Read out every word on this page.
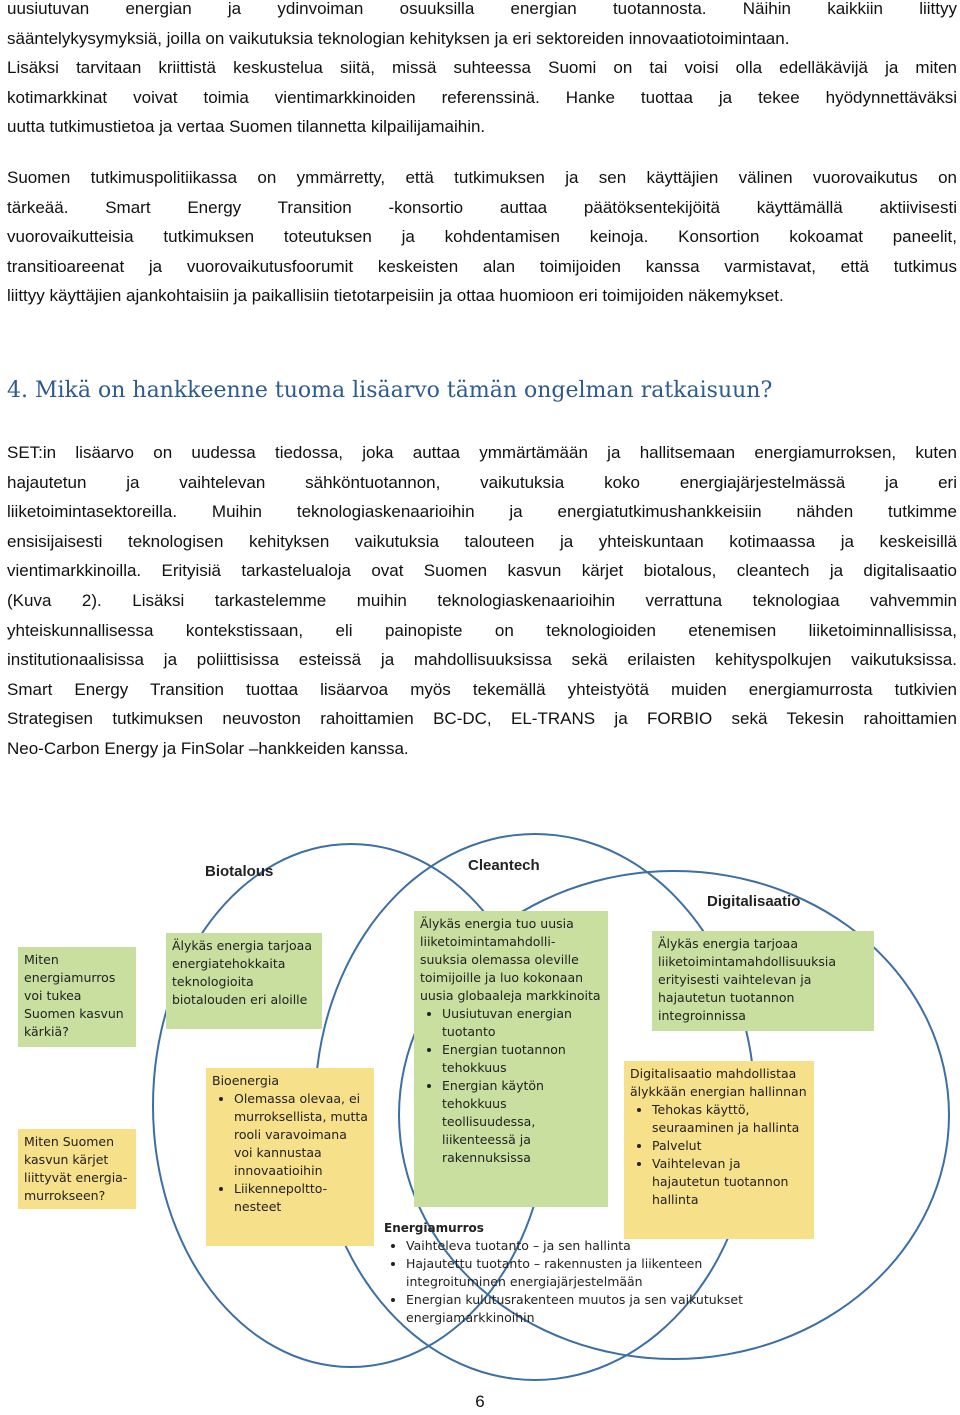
uusiutuvan energian ja ydinvoiman osuuksilla energian tuotannosta. Näihin kaikkiin liittyy
sääntelykysymyksiä, joilla on vaikutuksia teknologian kehityksen ja eri sektoreiden innovaatiotoimintaan.
Lisäksi tarvitaan kriittistä keskustelua siitä, missä suhteessa Suomi on tai voisi olla edelläkävijä ja miten
kotimarkkinat voivat toimia vientimarkkinoiden referenssinä. Hanke tuottaa ja tekee hyödynnettäväksi
uutta tutkimustietoa ja vertaa Suomen tilannetta kilpailijamaihin.
Suomen tutkimuspolitiikassa on ymmärretty, että tutkimuksen ja sen käyttäjien välinen vuorovaikutus on
tärkeää. Smart Energy Transition -konsortio auttaa päätöksentekijöitä käyttämällä aktiivisesti
vuorovaikutteisia tutkimuksen toteutuksen ja kohdentamisen keinoja. Konsortion kokoamat paneelit,
transitioareenat ja vuorovaikutusfoorumit keskeisten alan toimijoiden kanssa varmistavat, että tutkimus
liittyy käyttäjien ajankohtaisiin ja paikallisiin tietotarpeisiin ja ottaa huomioon eri toimijoiden näkemykset.
4. Mikä on hankkeenne tuoma lisäarvo tämän ongelman ratkaisuun?
SET:in lisäarvo on uudessa tiedossa, joka auttaa ymmärtämään ja hallitsemaan energiamurroksen, kuten
hajautetun ja vaihtelevan sähköntuotannon, vaikutuksia koko energiajärjestelmässä ja eri
liiketoimintasektoreilla. Muihin teknologiaskenaarioihin ja energiatutkimushankkeisiin nähden tutkimme
ensisijaisesti teknologisen kehityksen vaikutuksia talouteen ja yhteiskuntaan kotimaassa ja keskeisillä
vientimarkkinoilla. Erityisiä tarkastelualoja ovat Suomen kasvun kärjet biotalous, cleantech ja digitalisaatio
(Kuva 2). Lisäksi tarkastelemme muihin teknologiaskenaarioihin verrattuna teknologiaa vahvemmin
yhteiskunnallisessa kontekstissaan, eli painopiste on teknologioiden etenemisen liiketoiminnallisissa,
institutionaalisissa ja poliittisissa esteissä ja mahdollisuuksissa sekä erilaisten kehityspolkujen vaikutuksissa.
Smart Energy Transition tuottaa lisäarvoa myös tekemällä yhteistyötä muiden energiamurrosta tutkivien
Strategisen tutkimuksen neuvoston rahoittamien BC-DC, EL-TRANS ja FORBIO sekä Tekesin rahoittamien
Neo-Carbon Energy ja FinSolar –hankkeiden kanssa.
Biotalous	Cleantech
Digitalisaatio
Miten energiamurros voi tukea Suomen kasvun kärkiä?
Miten Suomen kasvun kärjet liittyvät energia-murrokseen?
Älykäs energia tarjoaa energiatehokkaita teknologioita biotalouden eri aloille
Älykäs energia tuo uusia liiketoimintamahdolli-suuksia olemassa oleville toimijoille ja luo kokonaan uusia globaaleja markkinoita
• Uusiutuvan energian tuotanto
• Energian tuotannon tehokkuus
• Energian käytön tehokkuus teollisuudessa, liikenteessä ja rakennuksissa
Älykäs energia tarjoaa liiketoimintamahdollisuuksia erityisesti vaihtelevan ja hajautetun tuotannon integroinnissa
Bioenergia
• Olemassa olevaa, ei murroksellista, mutta rooli varavoimana voi kannustaa innovaatioihin
• Liikennepoltto-nesteet
Digitalisaatio mahdollistaa älykkään energian hallinnan
• Tehokas käyttö, seuraaminen ja hallinta
• Palvelut
• Vaihtelevan ja hajautetun tuotannon hallinta
Energiamurros
• Vaihteleva tuotanto – ja sen hallinta
• Hajautettu tuotanto – rakennusten ja liikenteen integroituminen energiajärjestelmään
• Energian kulutusrakenteen muutos ja sen vaikutukset energiamarkkinoihin
6
